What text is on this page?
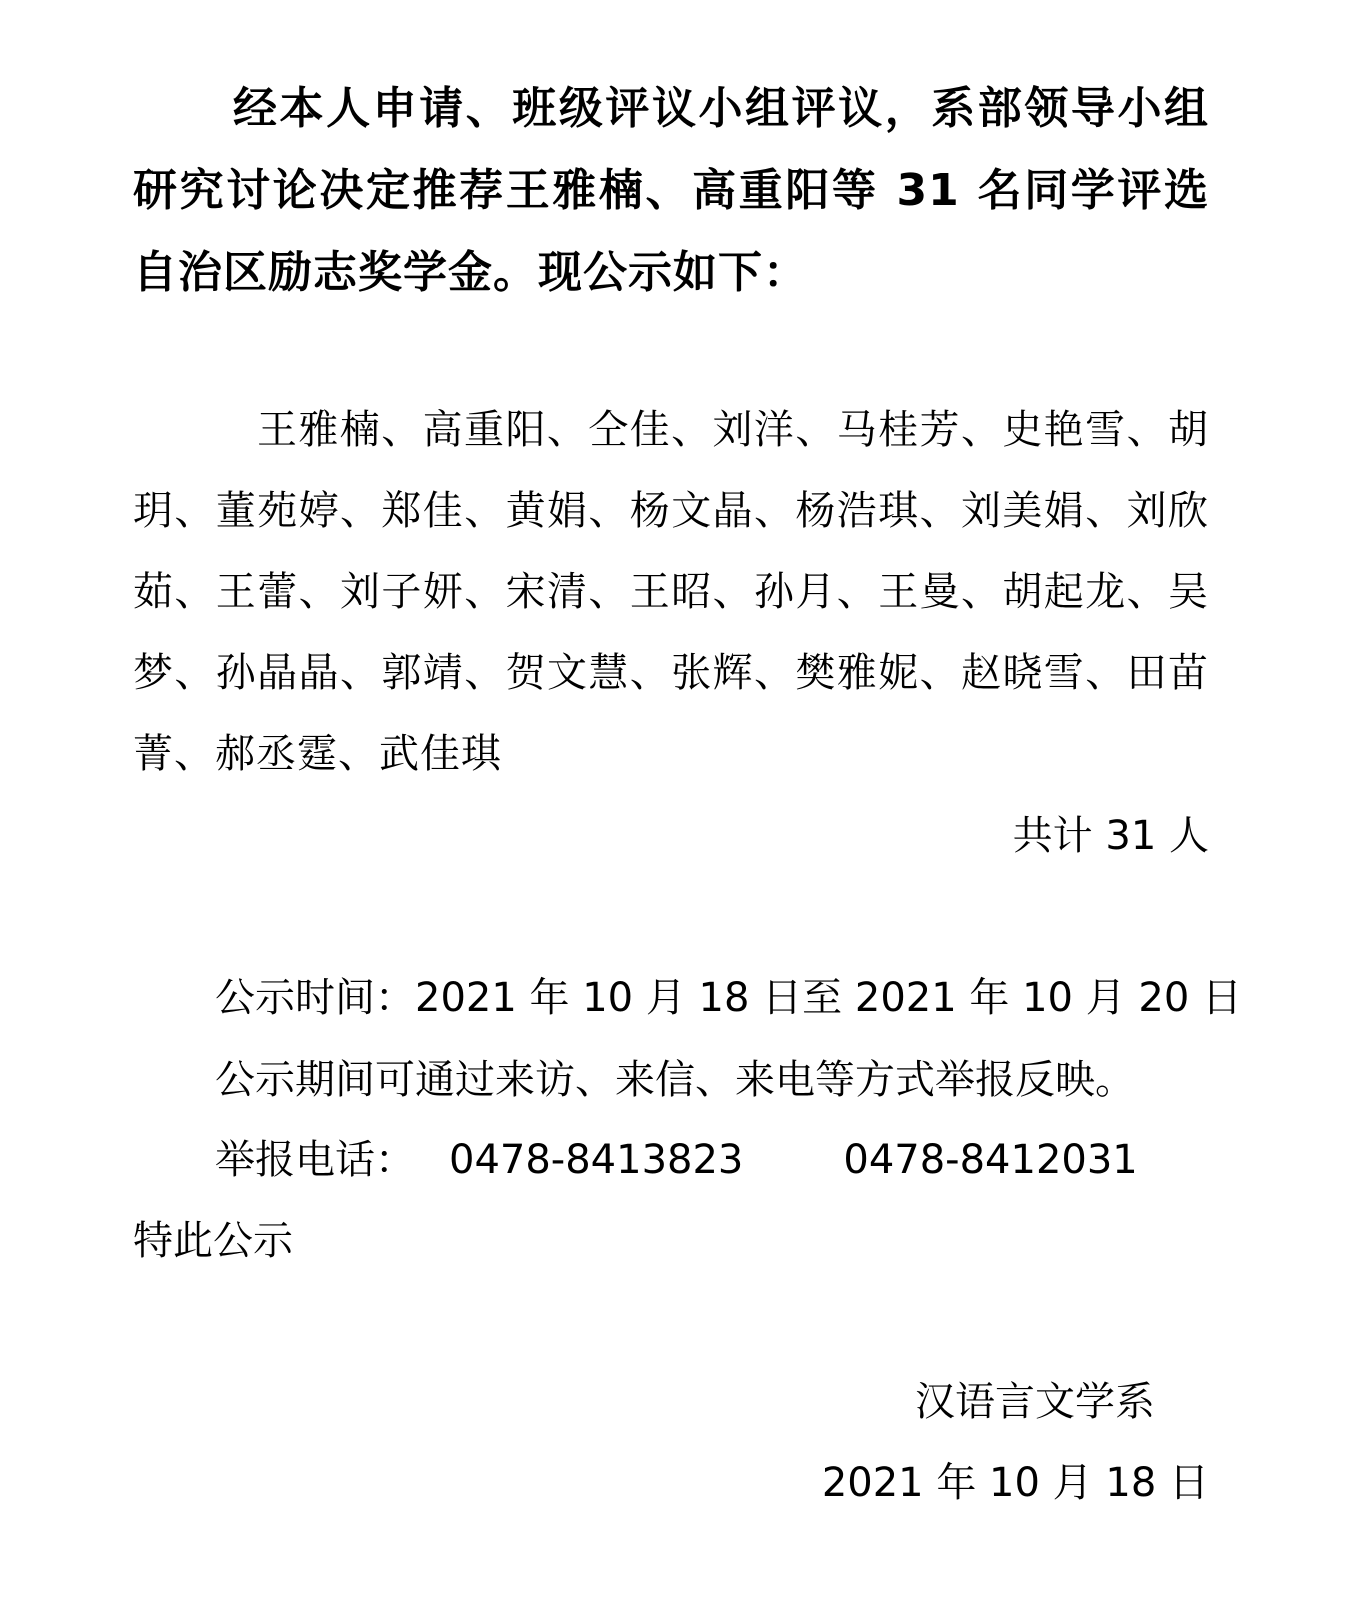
经本人申请、班级评议小组评议，系部领导小组研究讨论决定推荐王雅楠、高重阳等 31 名同学评选自治区励志奖学金。现公示如下：

王雅楠、高重阳、仝佳、刘洋、马桂芳、史艳雪、胡玥、董苑婷、郑佳、黄娟、杨文晶、杨浩琪、刘美娟、刘欣茹、王蕾、刘子妍、宋清、王昭、孙月、王曼、胡起龙、吴梦、孙晶晶、郭靖、贺文慧、张辉、樊雅妮、赵晓雪、田苗菁、郝丞霆、武佳琪

共计 31 人

公示时间：2021 年 10 月 18 日至 2021 年 10 月 20 日

公示期间可通过来访、来信、来电等方式举报反映。

举报电话： 0478-8413823	0478-8412031

特此公示

汉语言文学系

2021 年 10 月 18 日
